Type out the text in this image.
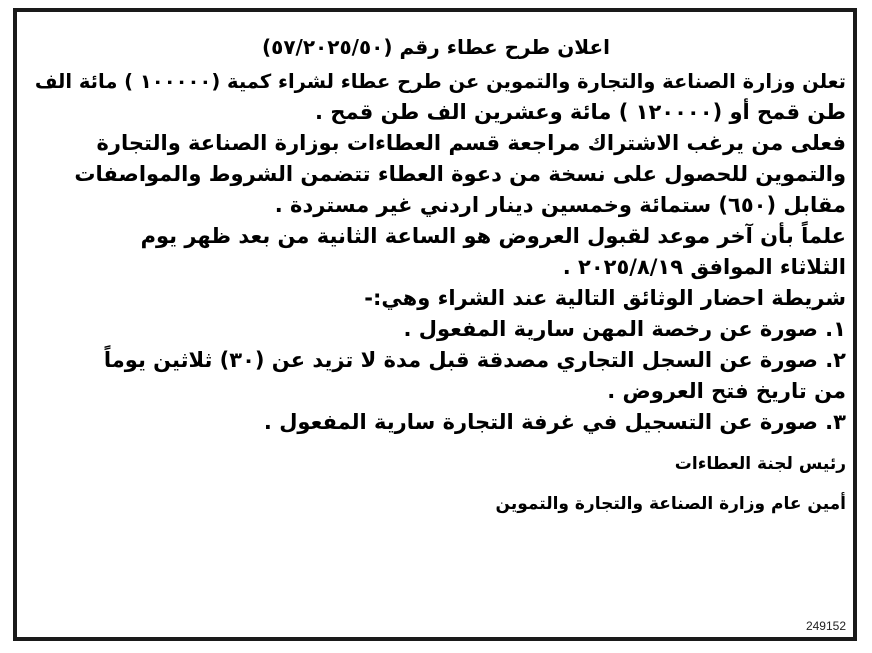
اعلان طرح عطاء رقم (٥٧/٢٠٢٥/٥٠)
تعلن وزارة الصناعة والتجارة والتموين عن طرح عطاء لشراء كمية (١٠٠٠٠٠ ) مائة الف
طن قمح أو (١٢٠٠٠٠ ) مائة وعشرين الف طن قمح .
فعلى من يرغب الاشتراك مراجعة قسم العطاءات بوزارة الصناعة والتجارة
والتموين للحصول على نسخة من دعوة العطاء تتضمن الشروط والمواصفات
مقابل (٦٥٠) ستمائة وخمسين دينار اردني غير مستردة .
علماً بأن آخر موعد لقبول العروض هو الساعة الثانية من بعد ظهر يوم
الثلاثاء الموافق ٢٠٢٥/٨/١٩ .
شريطة احضار الوثائق التالية عند الشراء وهي:-
١. صورة عن رخصة المهن سارية المفعول .
٢. صورة عن السجل التجاري مصدقة قبل مدة لا تزيد عن (٣٠) ثلاثين يوماً
من تاريخ فتح العروض .
٣. صورة عن التسجيل في غرفة التجارة سارية المفعول .
رئيس لجنة العطاءات
أمين عام وزارة الصناعة والتجارة والتموين
249152
